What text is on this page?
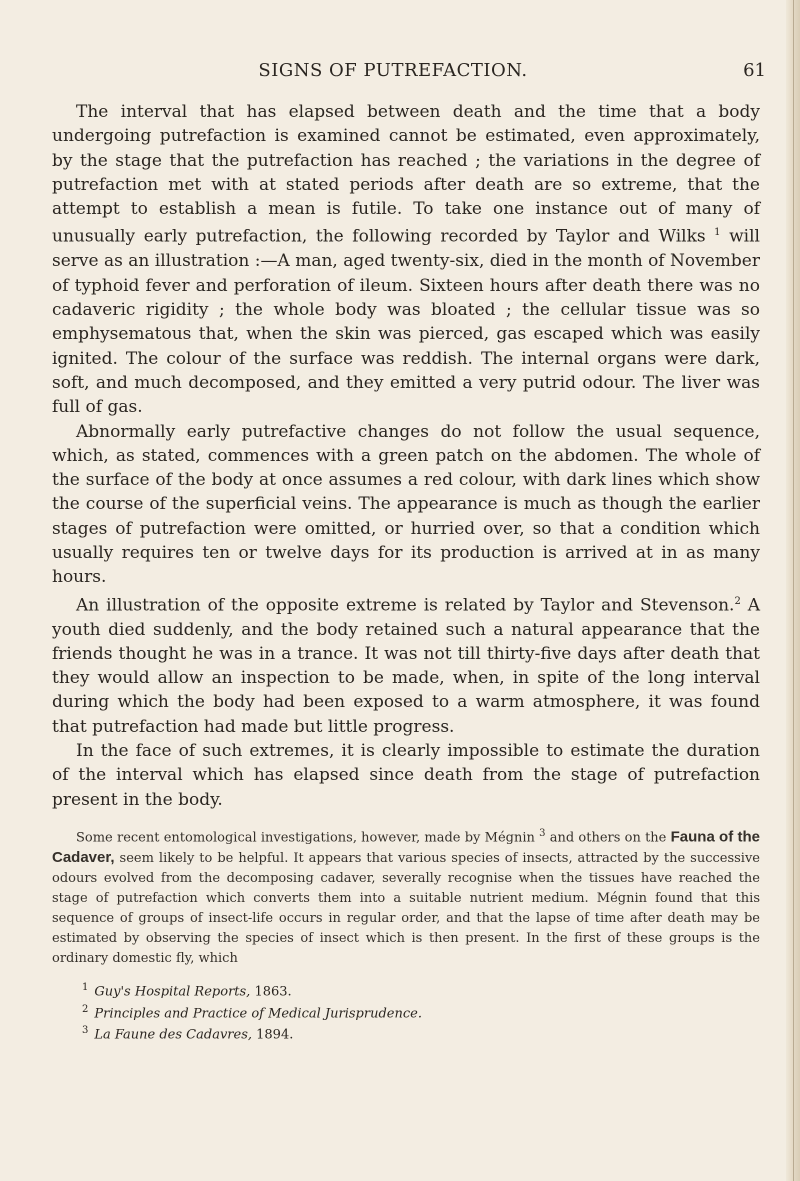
SIGNS OF PUTREFACTION.	61

The interval that has elapsed between death and the time that a body undergoing putrefaction is examined cannot be estimated, even approximately, by the stage that the putrefaction has reached ; the variations in the degree of putrefaction met with at stated periods after death are so extreme, that the attempt to establish a mean is futile. To take one instance out of many of unusually early putrefaction, the following recorded by Taylor and Wilks $^1$ will serve as an illustration :—A man, aged twenty-six, died in the month of November of typhoid fever and perforation of ileum. Sixteen hours after death there was no cadaveric rigidity ; the whole body was bloated ; the cellular tissue was so emphysematous that, when the skin was pierced, gas escaped which was easily ignited. The colour of the surface was reddish. The internal organs were dark, soft, and much decomposed, and they emitted a very putrid odour. The liver was full of gas.

Abnormally early putrefactive changes do not follow the usual sequence, which, as stated, commences with a green patch on the abdomen. The whole of the surface of the body at once assumes a red colour, with dark lines which show the course of the superficial veins. The appearance is much as though the earlier stages of putrefaction were omitted, or hurried over, so that a condition which usually requires ten or twelve days for its production is arrived at in as many hours.

An illustration of the opposite extreme is related by Taylor and Stevenson.$^2$ A youth died suddenly, and the body retained such a natural appearance that the friends thought he was in a trance. It was not till thirty-five days after death that they would allow an inspection to be made, when, in spite of the long interval during which the body had been exposed to a warm atmosphere, it was found that putrefaction had made but little progress.

In the face of such extremes, it is clearly impossible to estimate the duration of the interval which has elapsed since death from the stage of putrefaction present in the body.

Some recent entomological investigations, however, made by Mégnin $^3$ and others on the Fauna of the Cadaver, seem likely to be helpful. It appears that various species of insects, attracted by the successive odours evolved from the decomposing cadaver, severally recognise when the tissues have reached the stage of putrefaction which converts them into a suitable nutrient medium. Mégnin found that this sequence of groups of insect-life occurs in regular order, and that the lapse of time after death may be estimated by observing the species of insect which is then present. In the first of these groups is the ordinary domestic fly, which

$^1$ Guy's Hospital Reports, 1863.
$^2$ Principles and Practice of Medical Jurisprudence.
$^3$ La Faune des Cadavres, 1894.
